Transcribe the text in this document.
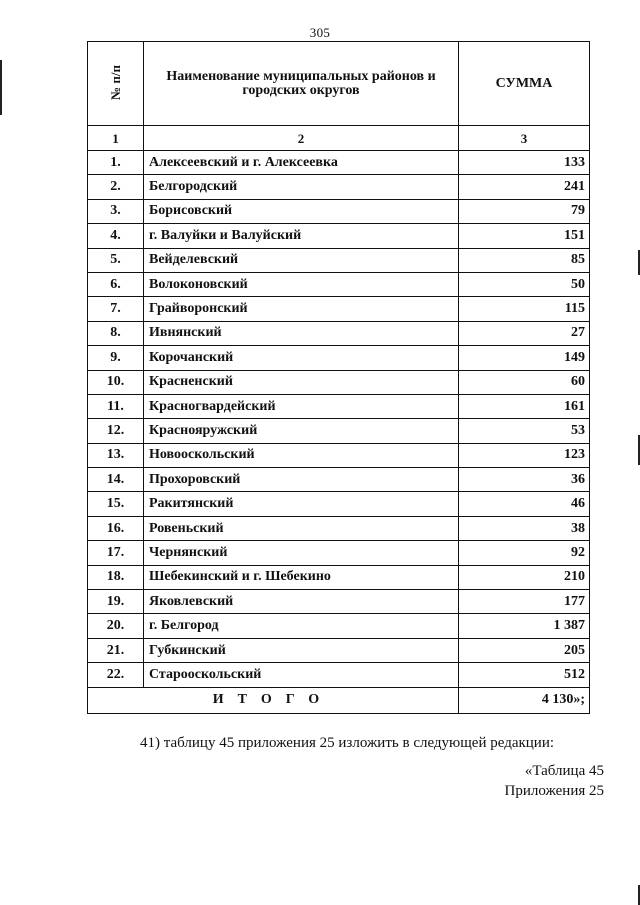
305
№ п/п	Наименование муниципальных районов и городских округов	СУММА
1	2	3
1.	Алексеевский и г. Алексеевка	133
2.	Белгородский	241
3.	Борисовский	79
4.	г. Валуйки и Валуйский	151
5.	Вейделевский	85
6.	Волоконовский	50
7.	Грайворонский	115
8.	Ивнянский	27
9.	Корочанский	149
10.	Красненский	60
11.	Красногвардейский	161
12.	Краснояружский	53
13.	Новооскольский	123
14.	Прохоровский	36
15.	Ракитянский	46
16.	Ровеньский	38
17.	Чернянский	92
18.	Шебекинский и г. Шебекино	210
19.	Яковлевский	177
20.	г. Белгород	1 387
21.	Губкинский	205
22.	Старооскольский	512
ИТОГО		4 130»;
41) таблицу 45 приложения 25 изложить в следующей редакции:
«Таблица 45
Приложения 25
